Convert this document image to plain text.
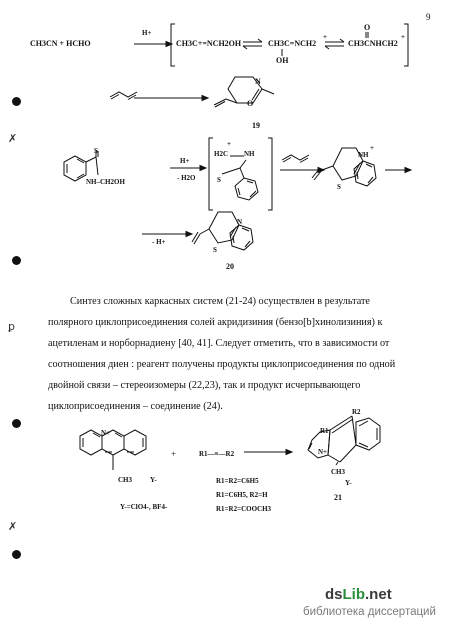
9
✗
ꝑ
✗
CH3CN + HCHO
H+
CH3C+=NCH2OH	CH3C=NCH2
+
OH
CH3CNHCH2
O
+
19
O
N
NH–CH2OH
S
H+
- H2O
H2C NH
+
S
NH
+
S
- H+
N
S
20
Синтез сложных каркасных систем (21-24) осуществлен в результате
полярного циклоприсоединения солей акридизиния (бензо[b]хинолизиния) к
ацетиленам и норборнадиену [40, 41]. Следует отметить, что в зависимости от
соотношения диен : реагент получены продукты циклоприсоединения по одной
двойной связи – стереоизомеры (22,23), так и продукт исчерпывающего
циклоприсоединения – соединение (24).
N+
CH3	Y-
+	R1—≡—R2
Y-=ClO4-, BF4-
R1=R2=C6H5
R1=C6H5, R2=H
R1=R2=COOCH3
R1
R2
N+
CH3
Y-
21
dsLib.net
библиотека диссертаций
